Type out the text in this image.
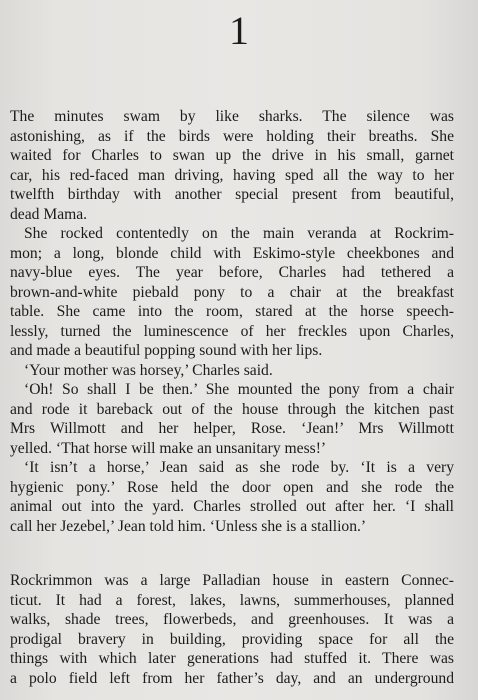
1
The minutes swam by like sharks. The silence was
astonishing, as if the birds were holding their breaths. She
waited for Charles to swan up the drive in his small, garnet
car, his red-faced man driving, having sped all the way to her
twelfth birthday with another special present from beautiful,
dead Mama.
She rocked contentedly on the main veranda at Rockrim-
mon; a long, blonde child with Eskimo-style cheekbones and
navy-blue eyes. The year before, Charles had tethered a
brown-and-white piebald pony to a chair at the breakfast
table. She came into the room, stared at the horse speech-
lessly, turned the luminescence of her freckles upon Charles,
and made a beautiful popping sound with her lips.
‘Your mother was horsey,’ Charles said.
‘Oh! So shall I be then.’ She mounted the pony from a chair
and rode it bareback out of the house through the kitchen past
Mrs Willmott and her helper, Rose. ‘Jean!’ Mrs Willmott
yelled. ‘That horse will make an unsanitary mess!’
‘It isn’t a horse,’ Jean said as she rode by. ‘It is a very
hygienic pony.’ Rose held the door open and she rode the
animal out into the yard. Charles strolled out after her. ‘I shall
call her Jezebel,’ Jean told him. ‘Unless she is a stallion.’
Rockrimmon was a large Palladian house in eastern Connec-
ticut. It had a forest, lakes, lawns, summerhouses, planned
walks, shade trees, flowerbeds, and greenhouses. It was a
prodigal bravery in building, providing space for all the
things with which later generations had stuffed it. There was
a polo field left from her father’s day, and an underground
